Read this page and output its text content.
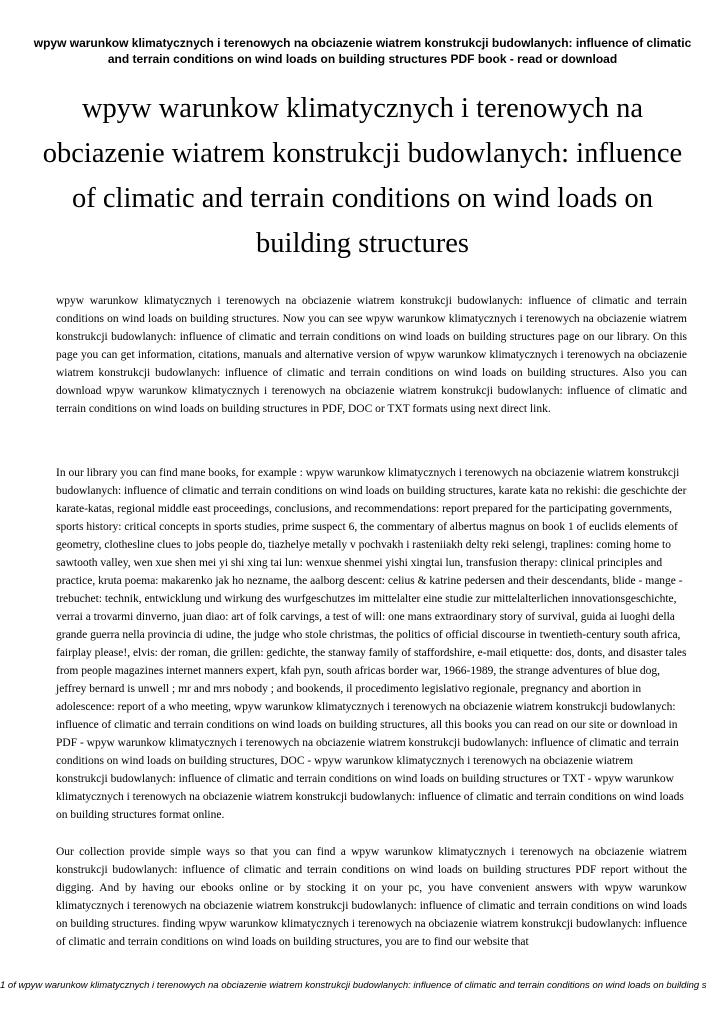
wpyw warunkow klimatycznych i terenowych na obciazenie wiatrem konstrukcji budowlanych: influence of climatic and terrain conditions on wind loads on building structures PDF book - read or download
wpyw warunkow klimatycznych i terenowych na obciazenie wiatrem konstrukcji budowlanych: influence of climatic and terrain conditions on wind loads on building structures

wpyw warunkow klimatycznych i terenowych na obciazenie wiatrem konstrukcji budowlanych: influence of climatic and terrain conditions on wind loads on building structures. Now you can see wpyw warunkow klimatycznych i terenowych na obciazenie wiatrem konstrukcji budowlanych: influence of climatic and terrain conditions on wind loads on building structures page on our library. On this page you can get information, citations, manuals and alternative version of wpyw warunkow klimatycznych i terenowych na obciazenie wiatrem konstrukcji budowlanych: influence of climatic and terrain conditions on wind loads on building structures. Also you can download wpyw warunkow klimatycznych i terenowych na obciazenie wiatrem konstrukcji budowlanych: influence of climatic and terrain conditions on wind loads on building structures in PDF, DOC or TXT formats using next direct link.

In our library you can find mane books, for example : wpyw warunkow klimatycznych i terenowych na obciazenie wiatrem konstrukcji budowlanych: influence of climatic and terrain conditions on wind loads on building structures, karate kata no rekishi: die geschichte der karate-katas, regional middle east proceedings, conclusions, and recommendations: report prepared for the participating governments, sports history: critical concepts in sports studies, prime suspect 6, the commentary of albertus magnus on book 1 of euclids elements of geometry, clothesline clues to jobs people do, tiazhelye metally v pochvakh i rasteniiakh delty reki selengi, traplines: coming home to sawtooth valley, wen xue shen mei yi shi xing tai lun: wenxue shenmei yishi xingtai lun, transfusion therapy: clinical principles and practice, kruta poema: makarenko jak ho nezname, the aalborg descent: celius & katrine pedersen and their descendants, blide - mange - trebuchet: technik, entwicklung und wirkung des wurfgeschutzes im mittelalter eine studie zur mittelalterlichen innovationsgeschichte, verrai a trovarmi dinverno, juan diao: art of folk carvings, a test of will: one mans extraordinary story of survival, guida ai luoghi della grande guerra nella provincia di udine, the judge who stole christmas, the politics of official discourse in twentieth-century south africa, fairplay please!, elvis: der roman, die grillen: gedichte, the stanway family of staffordshire, e-mail etiquette: dos, donts, and disaster tales from people magazines internet manners expert, kfah pyn, south africas border war, 1966-1989, the strange adventures of blue dog, jeffrey bernard is unwell ; mr and mrs nobody ; and bookends, il procedimento legislativo regionale, pregnancy and abortion in adolescence: report of a who meeting, wpyw warunkow klimatycznych i terenowych na obciazenie wiatrem konstrukcji budowlanych: influence of climatic and terrain conditions on wind loads on building structures, all this books you can read on our site or download in PDF - wpyw warunkow klimatycznych i terenowych na obciazenie wiatrem konstrukcji budowlanych: influence of climatic and terrain conditions on wind loads on building structures, DOC - wpyw warunkow klimatycznych i terenowych na obciazenie wiatrem konstrukcji budowlanych: influence of climatic and terrain conditions on wind loads on building structures or TXT - wpyw warunkow klimatycznych i terenowych na obciazenie wiatrem konstrukcji budowlanych: influence of climatic and terrain conditions on wind loads on building structures format online.

Our collection provide simple ways so that you can find a wpyw warunkow klimatycznych i terenowych na obciazenie wiatrem konstrukcji budowlanych: influence of climatic and terrain conditions on wind loads on building structures PDF report without the digging. And by having our ebooks online or by stocking it on your pc, you have convenient answers with wpyw warunkow klimatycznych i terenowych na obciazenie wiatrem konstrukcji budowlanych: influence of climatic and terrain conditions on wind loads on building structures. finding wpyw warunkow klimatycznych i terenowych na obciazenie wiatrem konstrukcji budowlanych: influence of climatic and terrain conditions on wind loads on building structures, you are to find our website that

1 of wpyw warunkow klimatycznych i terenowych na obciazenie wiatrem konstrukcji budowlanych: influence of climatic and terrain conditions on wind loads on building s
